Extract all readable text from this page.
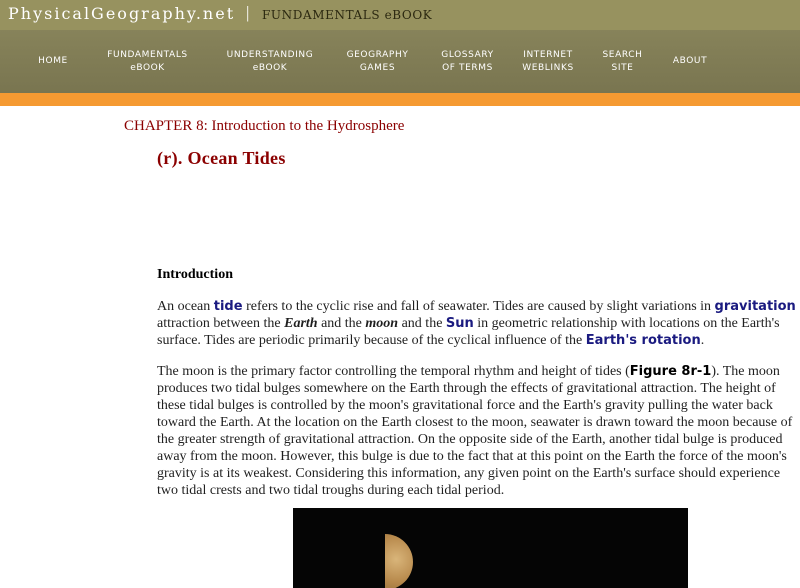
PhysicalGeography.net | FUNDAMENTALS eBOOK
HOME
FUNDAMENTALS
eBOOK
UNDERSTANDING
eBOOK
GEOGRAPHY
GAMES
GLOSSARY
OF TERMS
INTERNET
WEBLINKS
SEARCH
SITE
ABOUT
CHAPTER 8: Introduction to the Hydrosphere
(r). Ocean Tides
Introduction
An ocean tide refers to the cyclic rise and fall of seawater. Tides are caused by slight variations in gravitation
attraction between the Earth and the moon and the Sun in geometric relationship with locations on the Earth's
surface. Tides are periodic primarily because of the cyclical influence of the Earth's rotation.
The moon is the primary factor controlling the temporal rhythm and height of tides (Figure 8r-1). The moon
produces two tidal bulges somewhere on the Earth through the effects of gravitational attraction. The height of
these tidal bulges is controlled by the moon's gravitational force and the Earth's gravity pulling the water back
toward the Earth. At the location on the Earth closest to the moon, seawater is drawn toward the moon because of
the greater strength of gravitational attraction. On the opposite side of the Earth, another tidal bulge is produced
away from the moon. However, this bulge is due to the fact that at this point on the Earth the force of the moon's
gravity is at its weakest. Considering this information, any given point on the Earth's surface should experience
two tidal crests and two tidal troughs during each tidal period.
